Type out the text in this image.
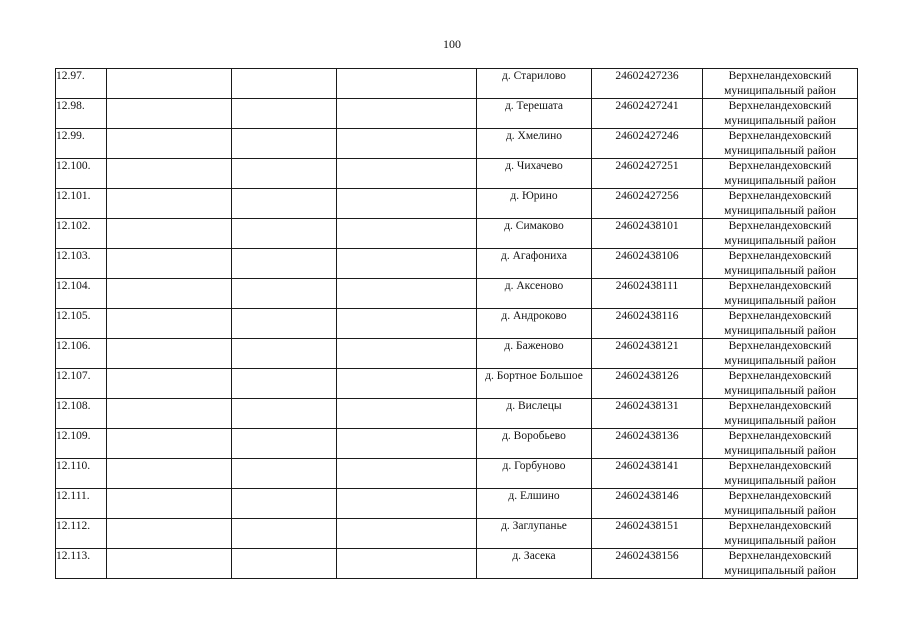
100
12.97.				д. Старилово	24602427236	Верхнеландеховский муниципальный район
12.98.				д. Терешата	24602427241	Верхнеландеховский муниципальный район
12.99.				д. Хмелино	24602427246	Верхнеландеховский муниципальный район
12.100.				д. Чихачево	24602427251	Верхнеландеховский муниципальный район
12.101.				д. Юрино	24602427256	Верхнеландеховский муниципальный район
12.102.				д. Симаково	24602438101	Верхнеландеховский муниципальный район
12.103.				д. Агафониха	24602438106	Верхнеландеховский муниципальный район
12.104.				д. Аксеново	24602438111	Верхнеландеховский муниципальный район
12.105.				д. Андроково	24602438116	Верхнеландеховский муниципальный район
12.106.				д. Баженово	24602438121	Верхнеландеховский муниципальный район
12.107.				д. Бортное Большое	24602438126	Верхнеландеховский муниципальный район
12.108.				д. Вислецы	24602438131	Верхнеландеховский муниципальный район
12.109.				д. Воробьево	24602438136	Верхнеландеховский муниципальный район
12.110.				д. Горбуново	24602438141	Верхнеландеховский муниципальный район
12.111.				д. Елшино	24602438146	Верхнеландеховский муниципальный район
12.112.				д. Заглупанье	24602438151	Верхнеландеховский муниципальный район
12.113.				д. Засека	24602438156	Верхнеландеховский муниципальный район
